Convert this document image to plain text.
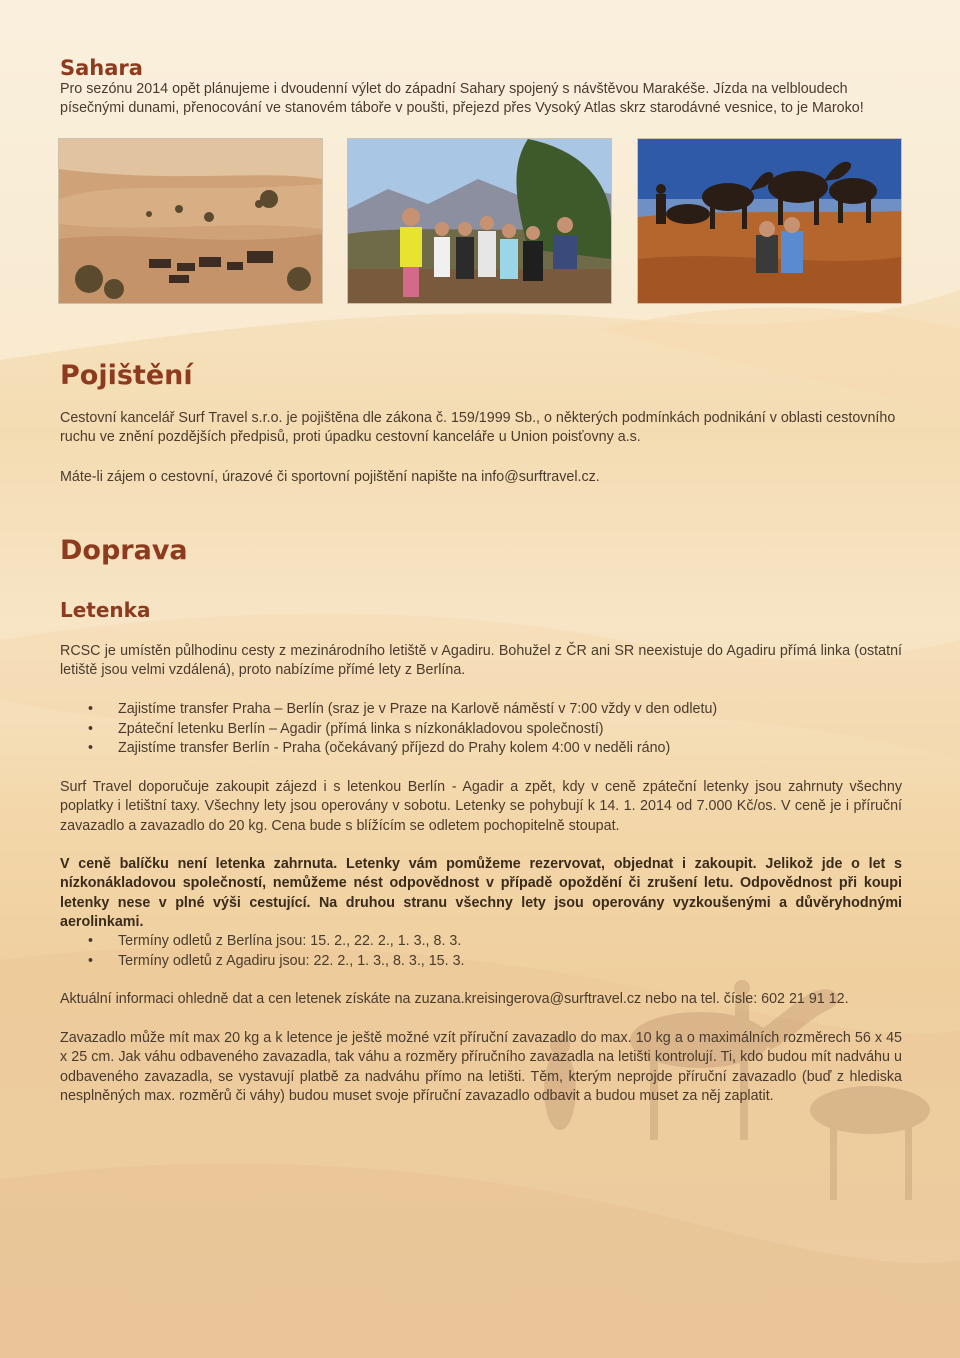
Sahara

Pro sezónu 2014 opět plánujeme i dvoudenní výlet do západní Sahary spojený s návštěvou Marakéše. Jízda na velbloudech písečnými dunami, přenocování ve stanovém táboře v poušti, přejezd přes Vysoký Atlas skrz starodávné vesnice, to je Maroko!

Pojištění

Cestovní kancelář Surf Travel s.r.o. je pojištěna dle zákona č. 159/1999 Sb., o některých podmínkách podnikání v oblasti cestovního ruchu ve znění pozdějších předpisů, proti úpadku cestovní kanceláře u Union poisťovny a.s.

Máte-li zájem o cestovní, úrazové či sportovní pojištění napište na info@surftravel.cz.

Doprava
Letenka

RCSC je umístěn půlhodinu cesty z mezinárodního letiště v Agadiru. Bohužel z ČR ani SR neexistuje do Agadiru přímá linka (ostatní letiště jsou velmi vzdálená), proto nabízíme přímé lety z Berlína.

• Zajistíme transfer Praha – Berlín (sraz je v Praze na Karlově náměstí v 7:00 vždy v den odletu)
• Zpáteční letenku Berlín – Agadir (přímá linka s nízkonákladovou společností)
• Zajistíme transfer Berlín - Praha (očekávaný příjezd do Prahy kolem 4:00 v neděli ráno)

Surf Travel doporučuje zakoupit zájezd i s letenkou Berlín - Agadir a zpět, kdy v ceně zpáteční letenky jsou zahrnuty všechny poplatky i letištní taxy. Všechny lety jsou operovány v sobotu. Letenky se pohybují k 14. 1. 2014 od 7.000 Kč/os. V ceně je i příruční zavazadlo a zavazadlo do 20 kg. Cena bude s blížícím se odletem pochopitelně stoupat.

V ceně balíčku není letenka zahrnuta. Letenky vám pomůžeme rezervovat, objednat i zakoupit. Jelikož jde o let s nízkonákladovou společností, nemůžeme nést odpovědnost v případě opoždění či zrušení letu. Odpovědnost při koupi letenky nese v plné výši cestující. Na druhou stranu všechny lety jsou operovány vyzkoušenými a důvěryhodnými aerolinkami.

• Termíny odletů z Berlína jsou: 15. 2., 22. 2., 1. 3., 8. 3.
• Termíny odletů z Agadiru jsou: 22. 2., 1. 3., 8. 3., 15. 3.

Aktuální informaci ohledně dat a cen letenek získáte na zuzana.kreisingerova@surftravel.cz nebo na tel. čísle: 602 21 91 12.

Zavazadlo může mít max 20 kg a k letence je ještě možné vzít příruční zavazadlo do max. 10 kg a o maximálních rozměrech 56 x 45 x 25 cm. Jak váhu odbaveného zavazadla, tak váhu a rozměry příručního zavazadla na letišti kontrolují. Ti, kdo budou mít nadváhu u odbaveného zavazadla, se vystavují platbě za nadváhu přímo na letišti. Těm, kterým neprojde příruční zavazadlo (buď z hlediska nesplněných max. rozměrů či váhy) budou muset svoje příruční zavazadlo odbavit a budou muset za něj zaplatit.
